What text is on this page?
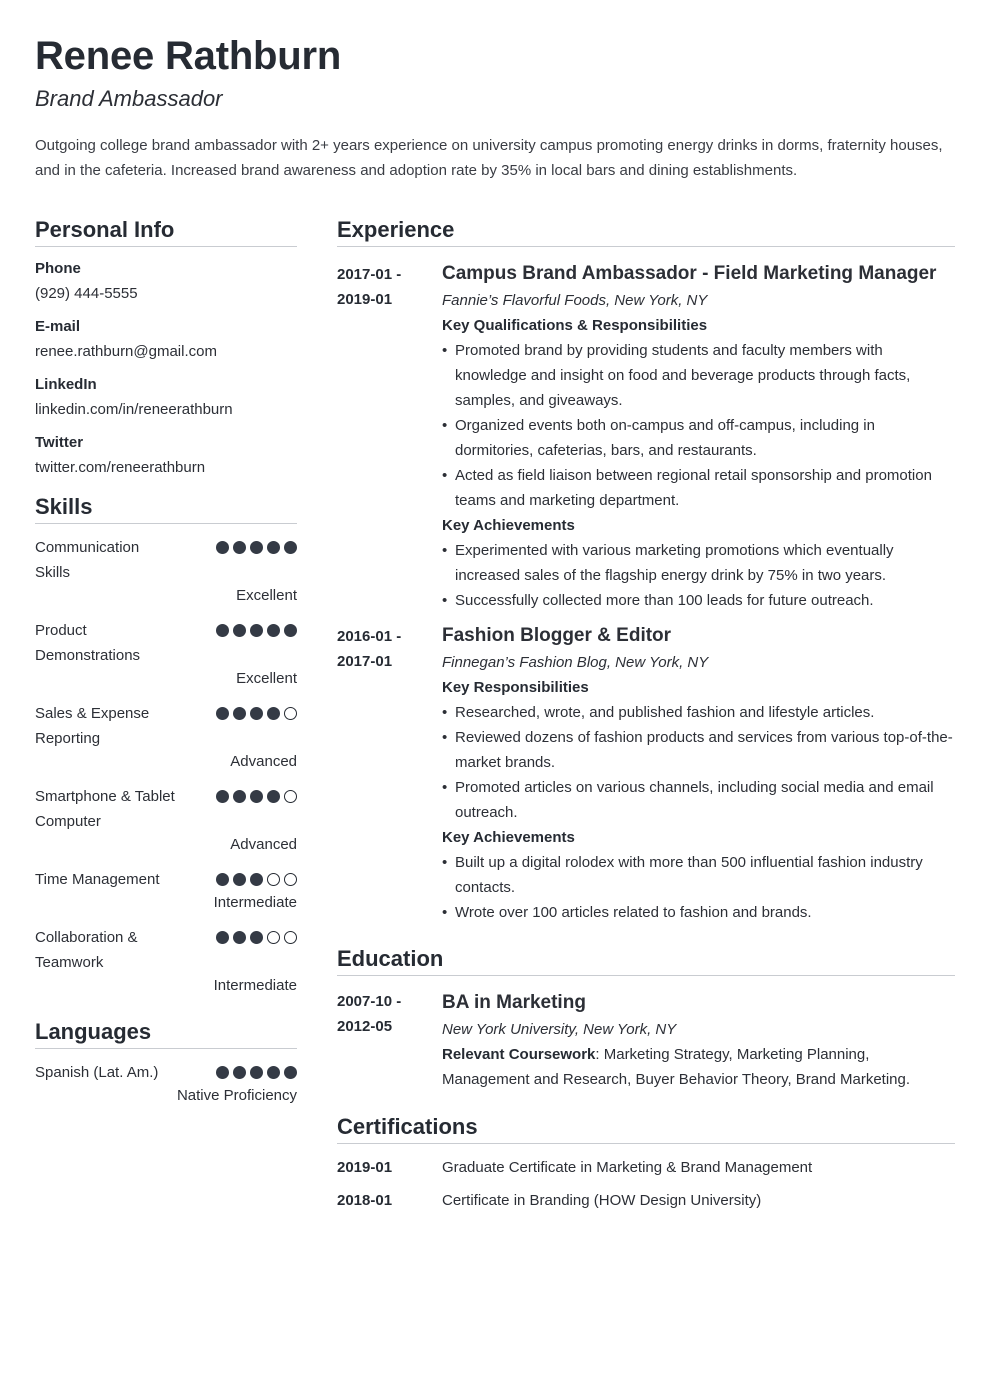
Renee Rathburn
Brand Ambassador
Outgoing college brand ambassador with 2+ years experience on university campus promoting energy drinks in dorms, fraternity houses, and in the cafeteria. Increased brand awareness and adoption rate by 35% in local bars and dining establishments.
Personal Info
Phone
(929) 444-5555
E-mail
renee.rathburn@gmail.com
LinkedIn
linkedin.com/in/reneerathburn
Twitter
twitter.com/reneerathburn
Skills
Communication Skills
Excellent
Product Demonstrations
Excellent
Sales & Expense Reporting
Advanced
Smartphone & Tablet Computer
Advanced
Time Management
Intermediate
Collaboration & Teamwork
Intermediate
Languages
Spanish (Lat. Am.)
Native Proficiency
Experience
2017-01 -
2019-01
Campus Brand Ambassador - Field Marketing Manager
Fannie’s Flavorful Foods, New York, NY
Key Qualifications & Responsibilities
• Promoted brand by providing students and faculty members with knowledge and insight on food and beverage products through facts, samples, and giveaways.
• Organized events both on-campus and off-campus, including in dormitories, cafeterias, bars, and restaurants.
• Acted as field liaison between regional retail sponsorship and promotion teams and marketing department.
Key Achievements
• Experimented with various marketing promotions which eventually increased sales of the flagship energy drink by 75% in two years.
• Successfully collected more than 100 leads for future outreach.
2016-01 -
2017-01
Fashion Blogger & Editor
Finnegan’s Fashion Blog, New York, NY
Key Responsibilities
• Researched, wrote, and published fashion and lifestyle articles.
• Reviewed dozens of fashion products and services from various top-of-the-market brands.
• Promoted articles on various channels, including social media and email outreach.
Key Achievements
• Built up a digital rolodex with more than 500 influential fashion industry contacts.
• Wrote over 100 articles related to fashion and brands.
Education
2007-10 -
2012-05
BA in Marketing
New York University, New York, NY
Relevant Coursework: Marketing Strategy, Marketing Planning, Management and Research, Buyer Behavior Theory, Brand Marketing.
Certifications
2019-01	Graduate Certificate in Marketing & Brand Management
2018-01	Certificate in Branding (HOW Design University)
